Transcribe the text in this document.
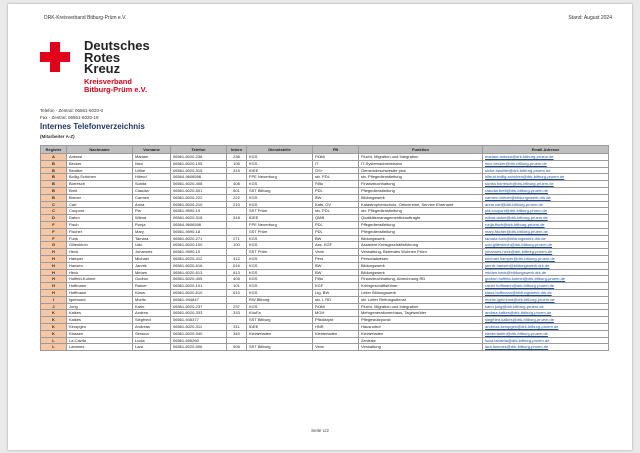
DRK-Kreisverband Bitburg-Prüm e.V.	Stand: August 2024
Deutsches
Rotes
Kreuz
Kreisverband
Bitburg-Prüm e.V.
Telefon - Zentral: 06561-6020-0
Fax - Zentral: 06561-6020-19
Internes Telefonverzeichnis
(Mitarbeiter A-Z)
Register	Nachname	Vorname	Telefon	Intern	Dienststelle	FB	Funktion	Email-Adresse
A	Antossi	Mariam	06561-6020-236	236	KGS	FlüMi	Flucht, Migration und Integration	mariam.antossi@drk-bitburg-pruem.de
B	Becker	Nico	06561-6020-105	105	KGS	IT	IT-Systemadministrator	nico.becker@drk-bitburg-pruem.de
B	Beuttler	Ulrike	06561-6020-315	315	IDEE	GS+	Gemeindeschwester plus	ulrike.beuttler@drk-bitburg-pruem.de
B	Bollig-Schuhen	Hiltrud	06564-9606598		FPE Neuerburg	stv. PDL	stv. Pflegedienstleitung	hiltrud.bollig-schuhen@drk-bitburg-pruem.de
B	Borresch	Sunita	06561-6020-408	408	KGS	FiBu	Finanzbuchhaltung	sunita.borresch@drk-bitburg-pruem.de
B	Breit	Claudia	06561-6020-501	501	SST Bitburg	PDL	Pflegedienstleitung	claudia.breit@drk-bitburg-pruem.de
B	Breuer	Carmen	06561-6020-222	222	KGS	BW	Bildungswerk	carmen.breuer@bildungswerk.drk.de
C	Carl	Anna	06561-6020-210	210	KGS	Kats, OV	Katastrophenschutz, Ortsvereine, Service Ehrenamt	anna.carl@drk-bitburg-pruem.de
C	Coupont	Pia	06561-9590-19		SST Prüm	stv. PDL	stv. Pflegedienstleitung	pia.coupont@drk-bitburg-pruem.de
D	Dahm	Wilma	06561-6020-318	318	IDEE	QMB	Qualitätsmanagementbeauftragte	wilma.dahm@drk-bitburg-pruem.de
F	Fisch	Ronja	06564-9606598		FPE Neuerburg	PDL	Pflegedienstleitung	ronja.fisch@drk-bitburg-pruem.de
F	Fischer	Mary	06561-9590-18		SST Prüm	PDL	Pflegedienstleitung	mary.fischer@drk-bitburg-pruem.de
F	Funk	Tamara	06561-6020-271	271	KGS	BW	Bildungswerk	tamara.funk@bildungswerk.drk.de
G	Gillenkirch	Udo	06561-6020-100	100	KGS	Ass. KGF	Assistent Kreisgeschäftsführung	udo.gillenkirch@drk-bitburg-pruem.de
H	Heck	Johannes	06561-9590-10		SST Prüm	Verw	Verwaltung, Betreutes Wohnen Prüm	johannes.heck@drk-bitburg-pruem.de
H	Hamper	Michael	06561-6020-412	412	KGS	Pers	Personalwesen	michael.hamper@drk-bitburg-pruem.de
H	Hansen	Jannik	06561-6020-616	616	KGS	BW	Bildungswerk	jannik.hansen@bildungswerk.drk.de
H	Heck	Miriam	06561-6020-613	613	KGS	BW	Bildungswerk	miriam.heck@bildungswerk.drk.de
H	Hoffeld-Kuhnel	Gudrun	06561-6020-405	405	KGS	FiBu	Finanzbuchhaltung, Abrechnung RD	gudrun.hoffeld-kuhnel@drk-bitburg-pruem.de
H	Hoffmann	Rainer	06561-6020-101	101	KGS	KGF	Kreisgeschäftsführer	rainer.hoffmann@drk-bitburg-pruem.de
H	Hoffmann	Klaus	06561-6020-610	610	KGS	Ltg. BW	Leiter Bildungswerk	klaus.hoffmann@bildungswerk.drk.de
I	Igelmund	Moritz	06561-944847		RW Bitburg	stv. L RD	stv. Leiter Rettungsdienst	moritz.igelmund@drk-bitburg-pruem.de
J	Jung	Karin	06561-6020-237	237	KGS	FlüMi	Flucht, Migration und Integration	karin.jung@drk-bitburg-pruem.de
K	Kalkes	Andrea	06561-6020-333	333	KöuFa	MGH	Mehrgenerationenhaus, Tagesmütter	andrea.kalkes@drk-bitburg-pruem.de
K	Kalkes	Siegfried	06561-945377		SST Bitburg	Pflstützpkt	Pflegestützpunkt	siegfried.kalkes@drk-bitburg-pruem.de
K	Kerspgen	Andreas	06561-6020-311	311	IDEE	HNR	Hausnotruf	andreas.kerspgen@drk-bitburg-pruem.de
K	Klassen	Simona	06561-6020-340	340	Kleiderladen	Kleiderladen	Kleiderladen	kleiderladen@drk-bitburg-pruem.de
L	La Cavita	Lucia	06561-695260				Zentrale	lucia.lacavita@drk-bitburg-pruem.de
L	Lammes	Lara	06561-6020-506	506	SST Bitburg	Verw	Verwaltung	lara.lammes@drk-bitburg-pruem.de
Seite 1/2
